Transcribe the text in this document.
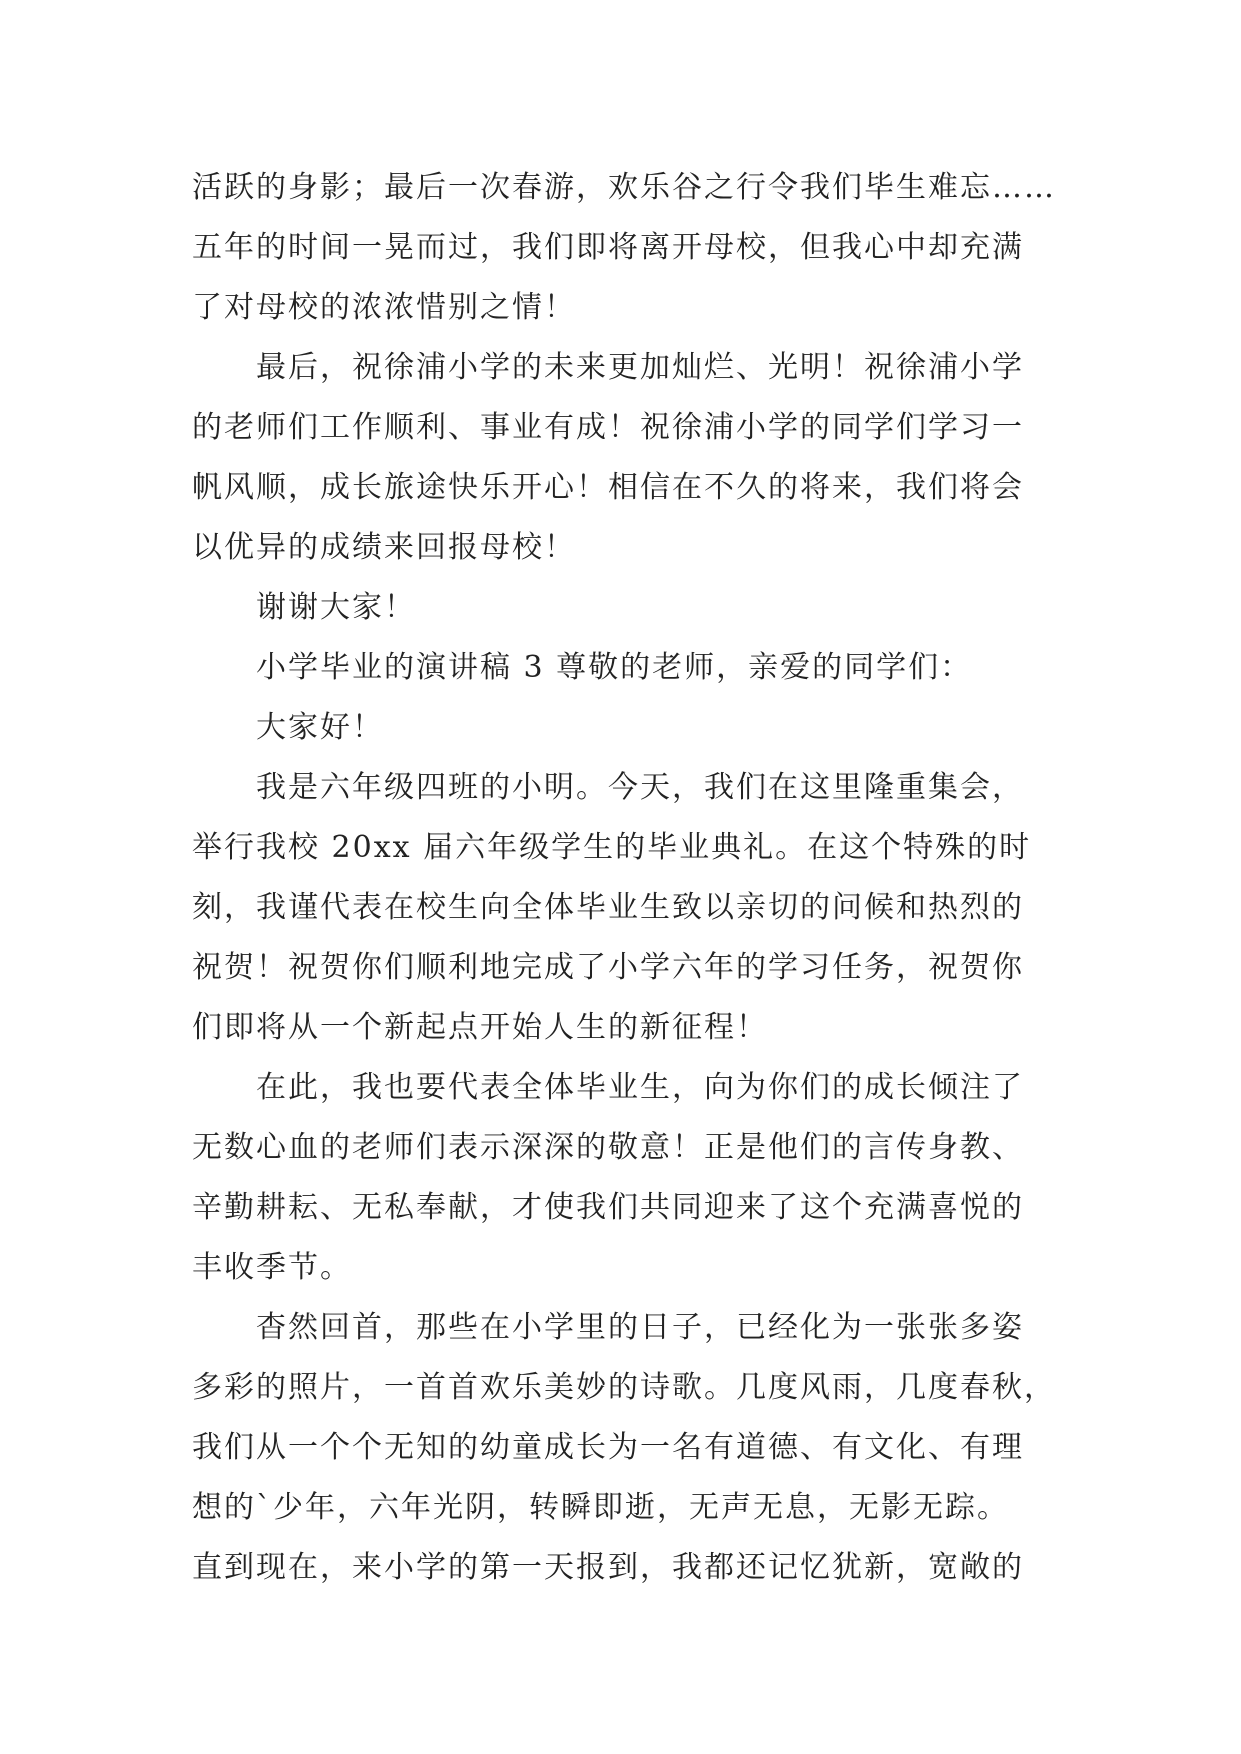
活跃的身影；最后一次春游，欢乐谷之行令我们毕生难忘……
五年的时间一晃而过，我们即将离开母校，但我心中却充满
了对母校的浓浓惜别之情！
最后，祝徐浦小学的未来更加灿烂、光明！祝徐浦小学
的老师们工作顺利、事业有成！祝徐浦小学的同学们学习一
帆风顺，成长旅途快乐开心！相信在不久的将来，我们将会
以优异的成绩来回报母校！
谢谢大家！
小学毕业的演讲稿 3 尊敬的老师，亲爱的同学们：
大家好！
我是六年级四班的小明。今天，我们在这里隆重集会，
举行我校 20xx 届六年级学生的毕业典礼。在这个特殊的时
刻，我谨代表在校生向全体毕业生致以亲切的问候和热烈的
祝贺！祝贺你们顺利地完成了小学六年的学习任务，祝贺你
们即将从一个新起点开始人生的新征程！
在此，我也要代表全体毕业生，向为你们的成长倾注了
无数心血的老师们表示深深的敬意！正是他们的言传身教、
辛勤耕耘、无私奉献，才使我们共同迎来了这个充满喜悦的
丰收季节。
杳然回首，那些在小学里的日子，已经化为一张张多姿
多彩的照片，一首首欢乐美妙的诗歌。几度风雨，几度春秋，
我们从一个个无知的幼童成长为一名有道德、有文化、有理
想的`少年，六年光阴，转瞬即逝，无声无息，无影无踪。
直到现在，来小学的第一天报到，我都还记忆犹新，宽敞的
